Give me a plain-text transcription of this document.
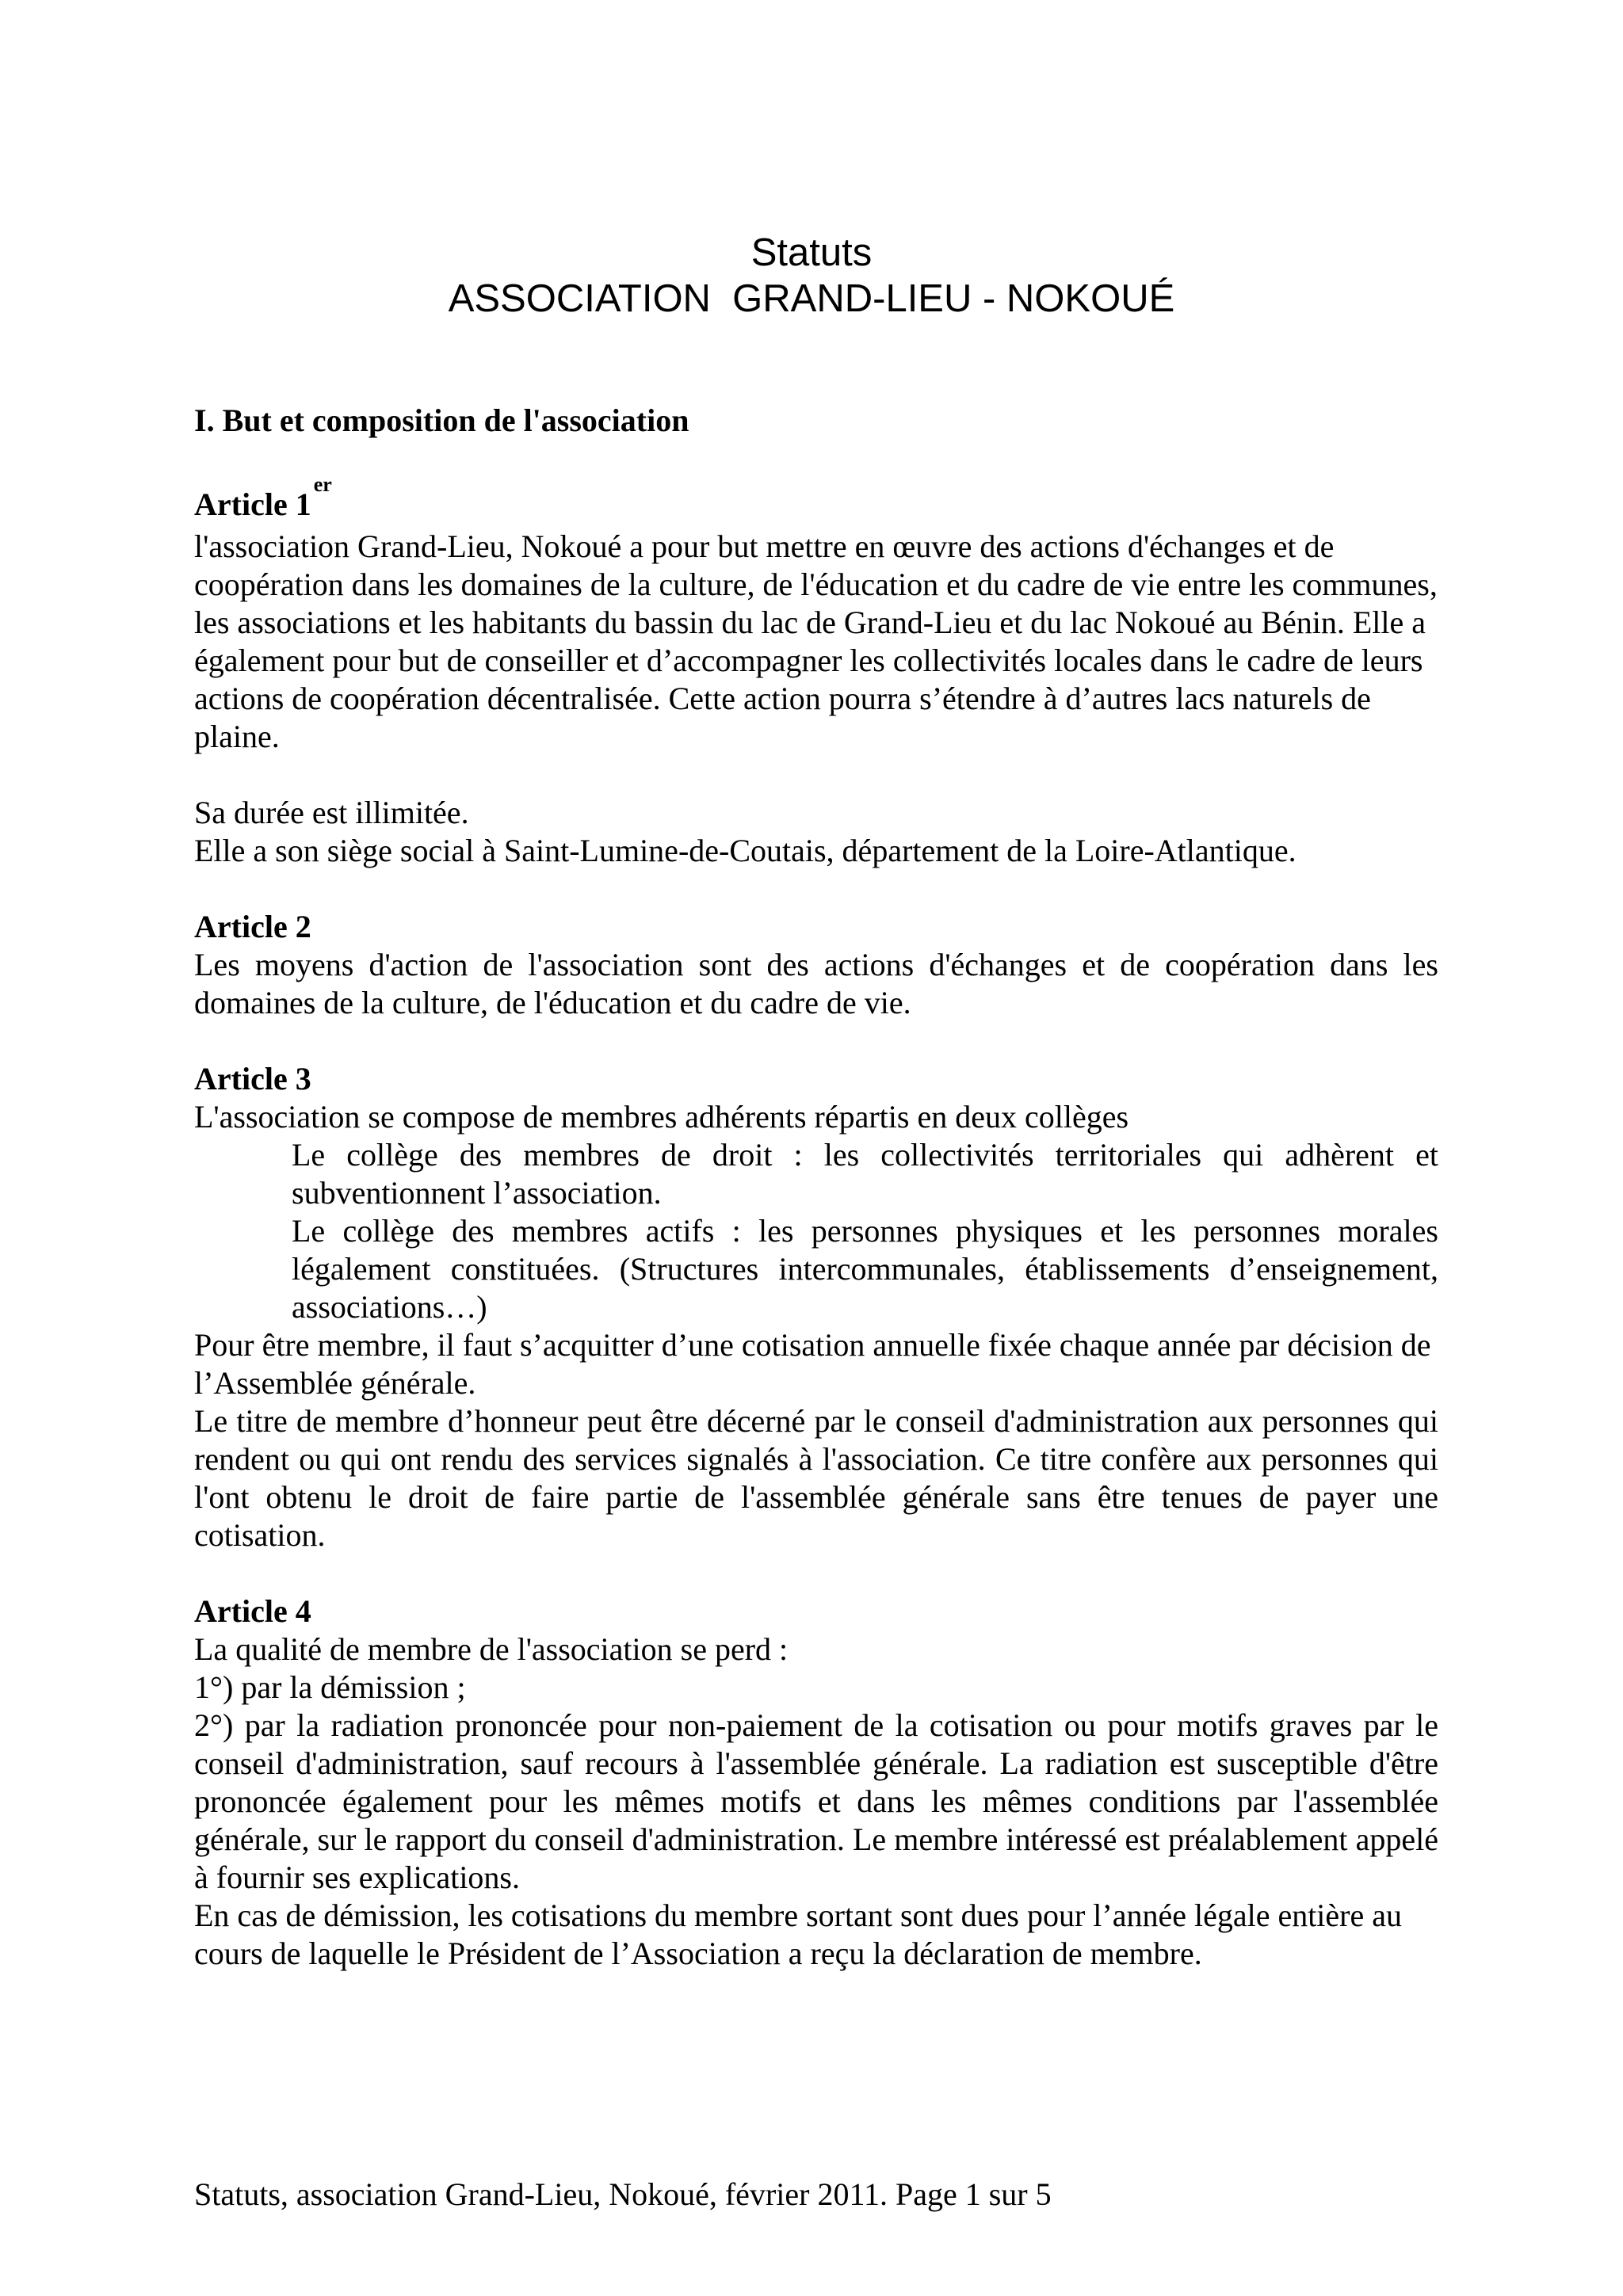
Statuts
ASSOCIATION  GRAND-LIEU - NOKOUÉ

I. But et composition de l'association

Article 1er

l'association Grand-Lieu, Nokoué a pour but mettre en œuvre des actions d'échanges et de coopération dans les domaines de la culture, de l'éducation et du cadre de vie entre les communes, les associations et les habitants du bassin du lac de Grand-Lieu et du lac Nokoué au Bénin. Elle a également pour but de conseiller et d’accompagner les collectivités locales dans le cadre de leurs actions de coopération décentralisée. Cette action pourra s’étendre à d’autres lacs naturels de plaine.

Sa durée est illimitée.

Elle a son siège social à Saint-Lumine-de-Coutais, département de la Loire-Atlantique.

Article 2

Les moyens d'action de l'association sont des actions d'échanges et de coopération dans les domaines de la culture, de l'éducation et du cadre de vie.

Article 3

L'association se compose de membres adhérents répartis en deux collèges

Le collège des membres de droit : les collectivités territoriales qui adhèrent et subventionnent l’association.

Le collège des membres actifs : les personnes physiques et les personnes morales légalement constituées. (Structures intercommunales, établissements d’enseignement, associations…)

Pour être membre, il faut s’acquitter d’une cotisation annuelle fixée chaque année par décision de l’Assemblée générale.

Le titre de membre d’honneur peut être décerné par le conseil d'administration aux personnes qui rendent ou qui ont rendu des services signalés à l'association. Ce titre confère aux personnes qui l'ont obtenu le droit de faire partie de l'assemblée générale sans être tenues de payer une cotisation.

Article 4

La qualité de membre de l'association se perd :

1°) par la démission ;

2°) par la radiation prononcée pour non-paiement de la cotisation ou pour motifs graves par le conseil d'administration, sauf recours à l'assemblée générale. La radiation est susceptible d'être prononcée également pour les mêmes motifs et dans les mêmes conditions par l'assemblée générale, sur le rapport du conseil d'administration. Le membre intéressé est préalablement appelé à fournir ses explications.

En cas de démission, les cotisations du membre sortant sont dues pour l’année légale entière au cours de laquelle le Président de l’Association a reçu la déclaration de membre.

Statuts, association Grand-Lieu, Nokoué, février 2011. Page 1 sur 5
